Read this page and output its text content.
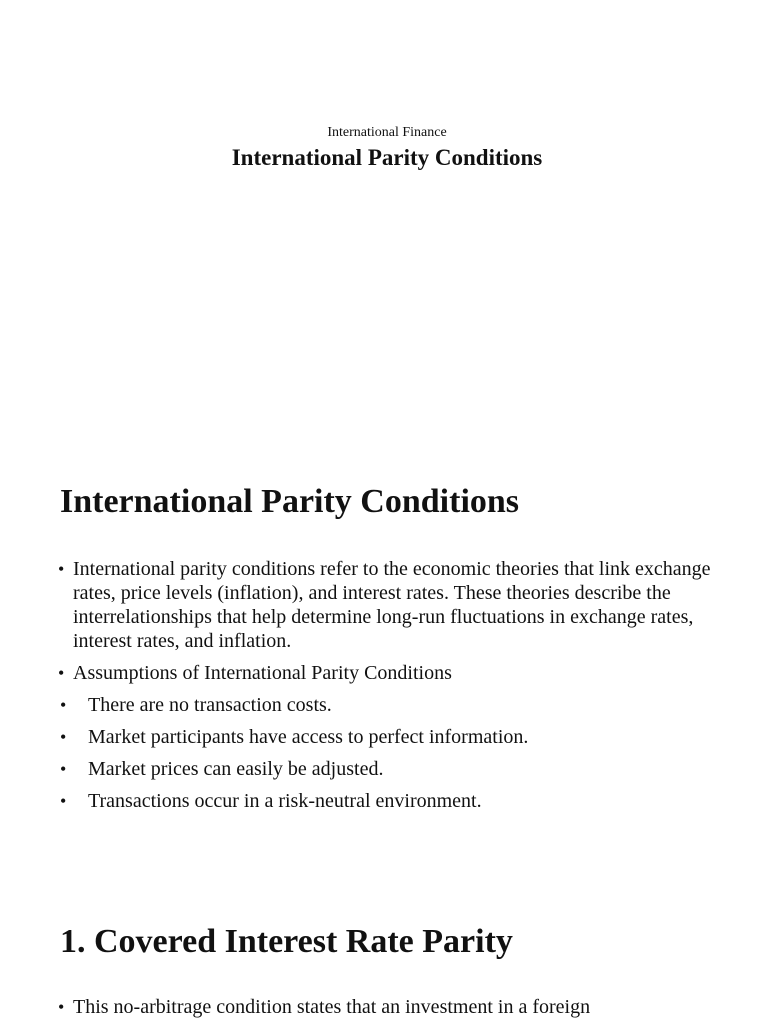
International Finance
International Parity Conditions
International Parity Conditions
• International parity conditions refer to the economic theories that link exchange rates, price levels (inflation), and interest rates. These theories describe the interrelationships that help determine long-run fluctuations in exchange rates, interest rates, and inflation.
• Assumptions of International Parity Conditions
• There are no transaction costs.
• Market participants have access to perfect information.
• Market prices can easily be adjusted.
• Transactions occur in a risk-neutral environment.
1. Covered Interest Rate Parity
• This no-arbitrage condition states that an investment in a foreign
